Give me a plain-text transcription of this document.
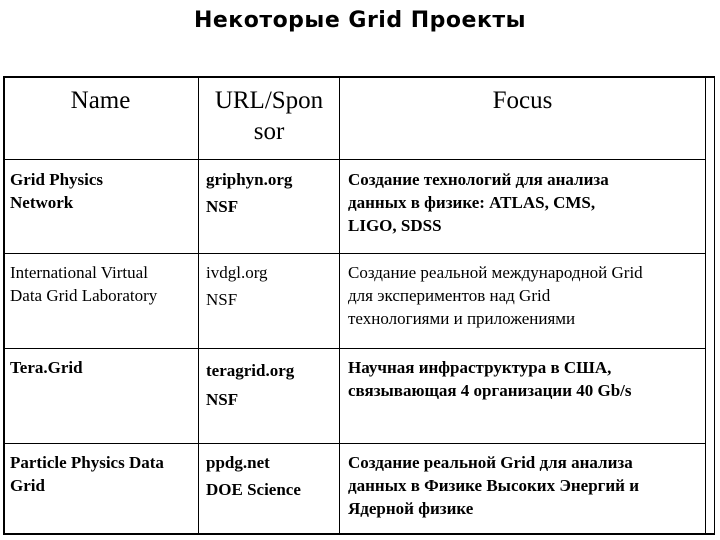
Некоторые Grid Проекты
Name	URL/Spon
sor
Focus
Grid Physics
Network
griphyn.org
NSF
Создание технологий для анализа
данных в физике: ATLAS, CMS,
LIGO, SDSS
International Virtual
Data Grid Laboratory
ivdgl.org
NSF
Создание реальной международной Grid
для экспериментов над Grid
технологиями и приложениями
Tera.Grid	teragrid.org
NSF
Научная инфраструктура в США,
связывающая 4 организации 40 Gb/s
Particle Physics Data
Grid
ppdg.net
DOE Science
Создание реальной Grid для анализа
данных в Физике Высоких Энергий и
Ядерной физике
